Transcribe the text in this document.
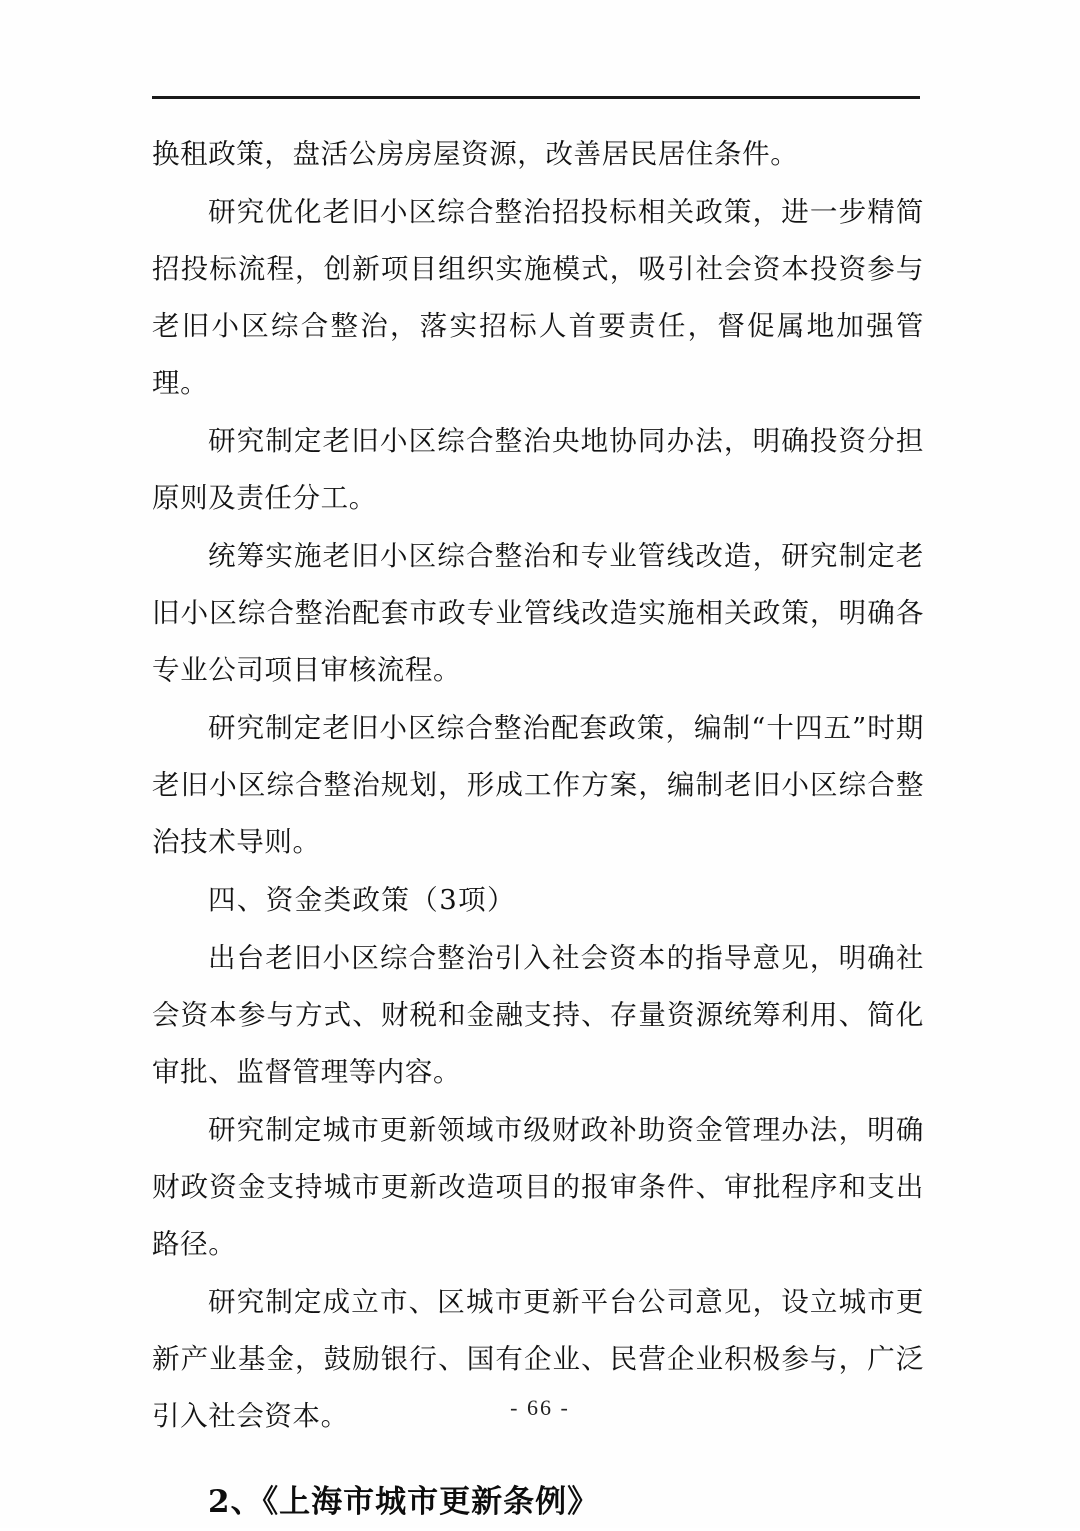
换租政策，盘活公房房屋资源，改善居民居住条件。

研究优化老旧小区综合整治招投标相关政策，进一步精简招投标流程，创新项目组织实施模式，吸引社会资本投资参与老旧小区综合整治，落实招标人首要责任，督促属地加强管理。

研究制定老旧小区综合整治央地协同办法，明确投资分担原则及责任分工。

统筹实施老旧小区综合整治和专业管线改造，研究制定老旧小区综合整治配套市政专业管线改造实施相关政策，明确各专业公司项目审核流程。

研究制定老旧小区综合整治配套政策，编制“十四五”时期老旧小区综合整治规划，形成工作方案，编制老旧小区综合整治技术导则。

四、资金类政策（3项）

出台老旧小区综合整治引入社会资本的指导意见，明确社会资本参与方式、财税和金融支持、存量资源统筹利用、简化审批、监督管理等内容。

研究制定城市更新领域市级财政补助资金管理办法，明确财政资金支持城市更新改造项目的报审条件、审批程序和支出路径。

研究制定成立市、区城市更新平台公司意见，设立城市更新产业基金，鼓励银行、国有企业、民营企业积极参与，广泛引入社会资本。

2、《上海市城市更新条例》

- 66 -
